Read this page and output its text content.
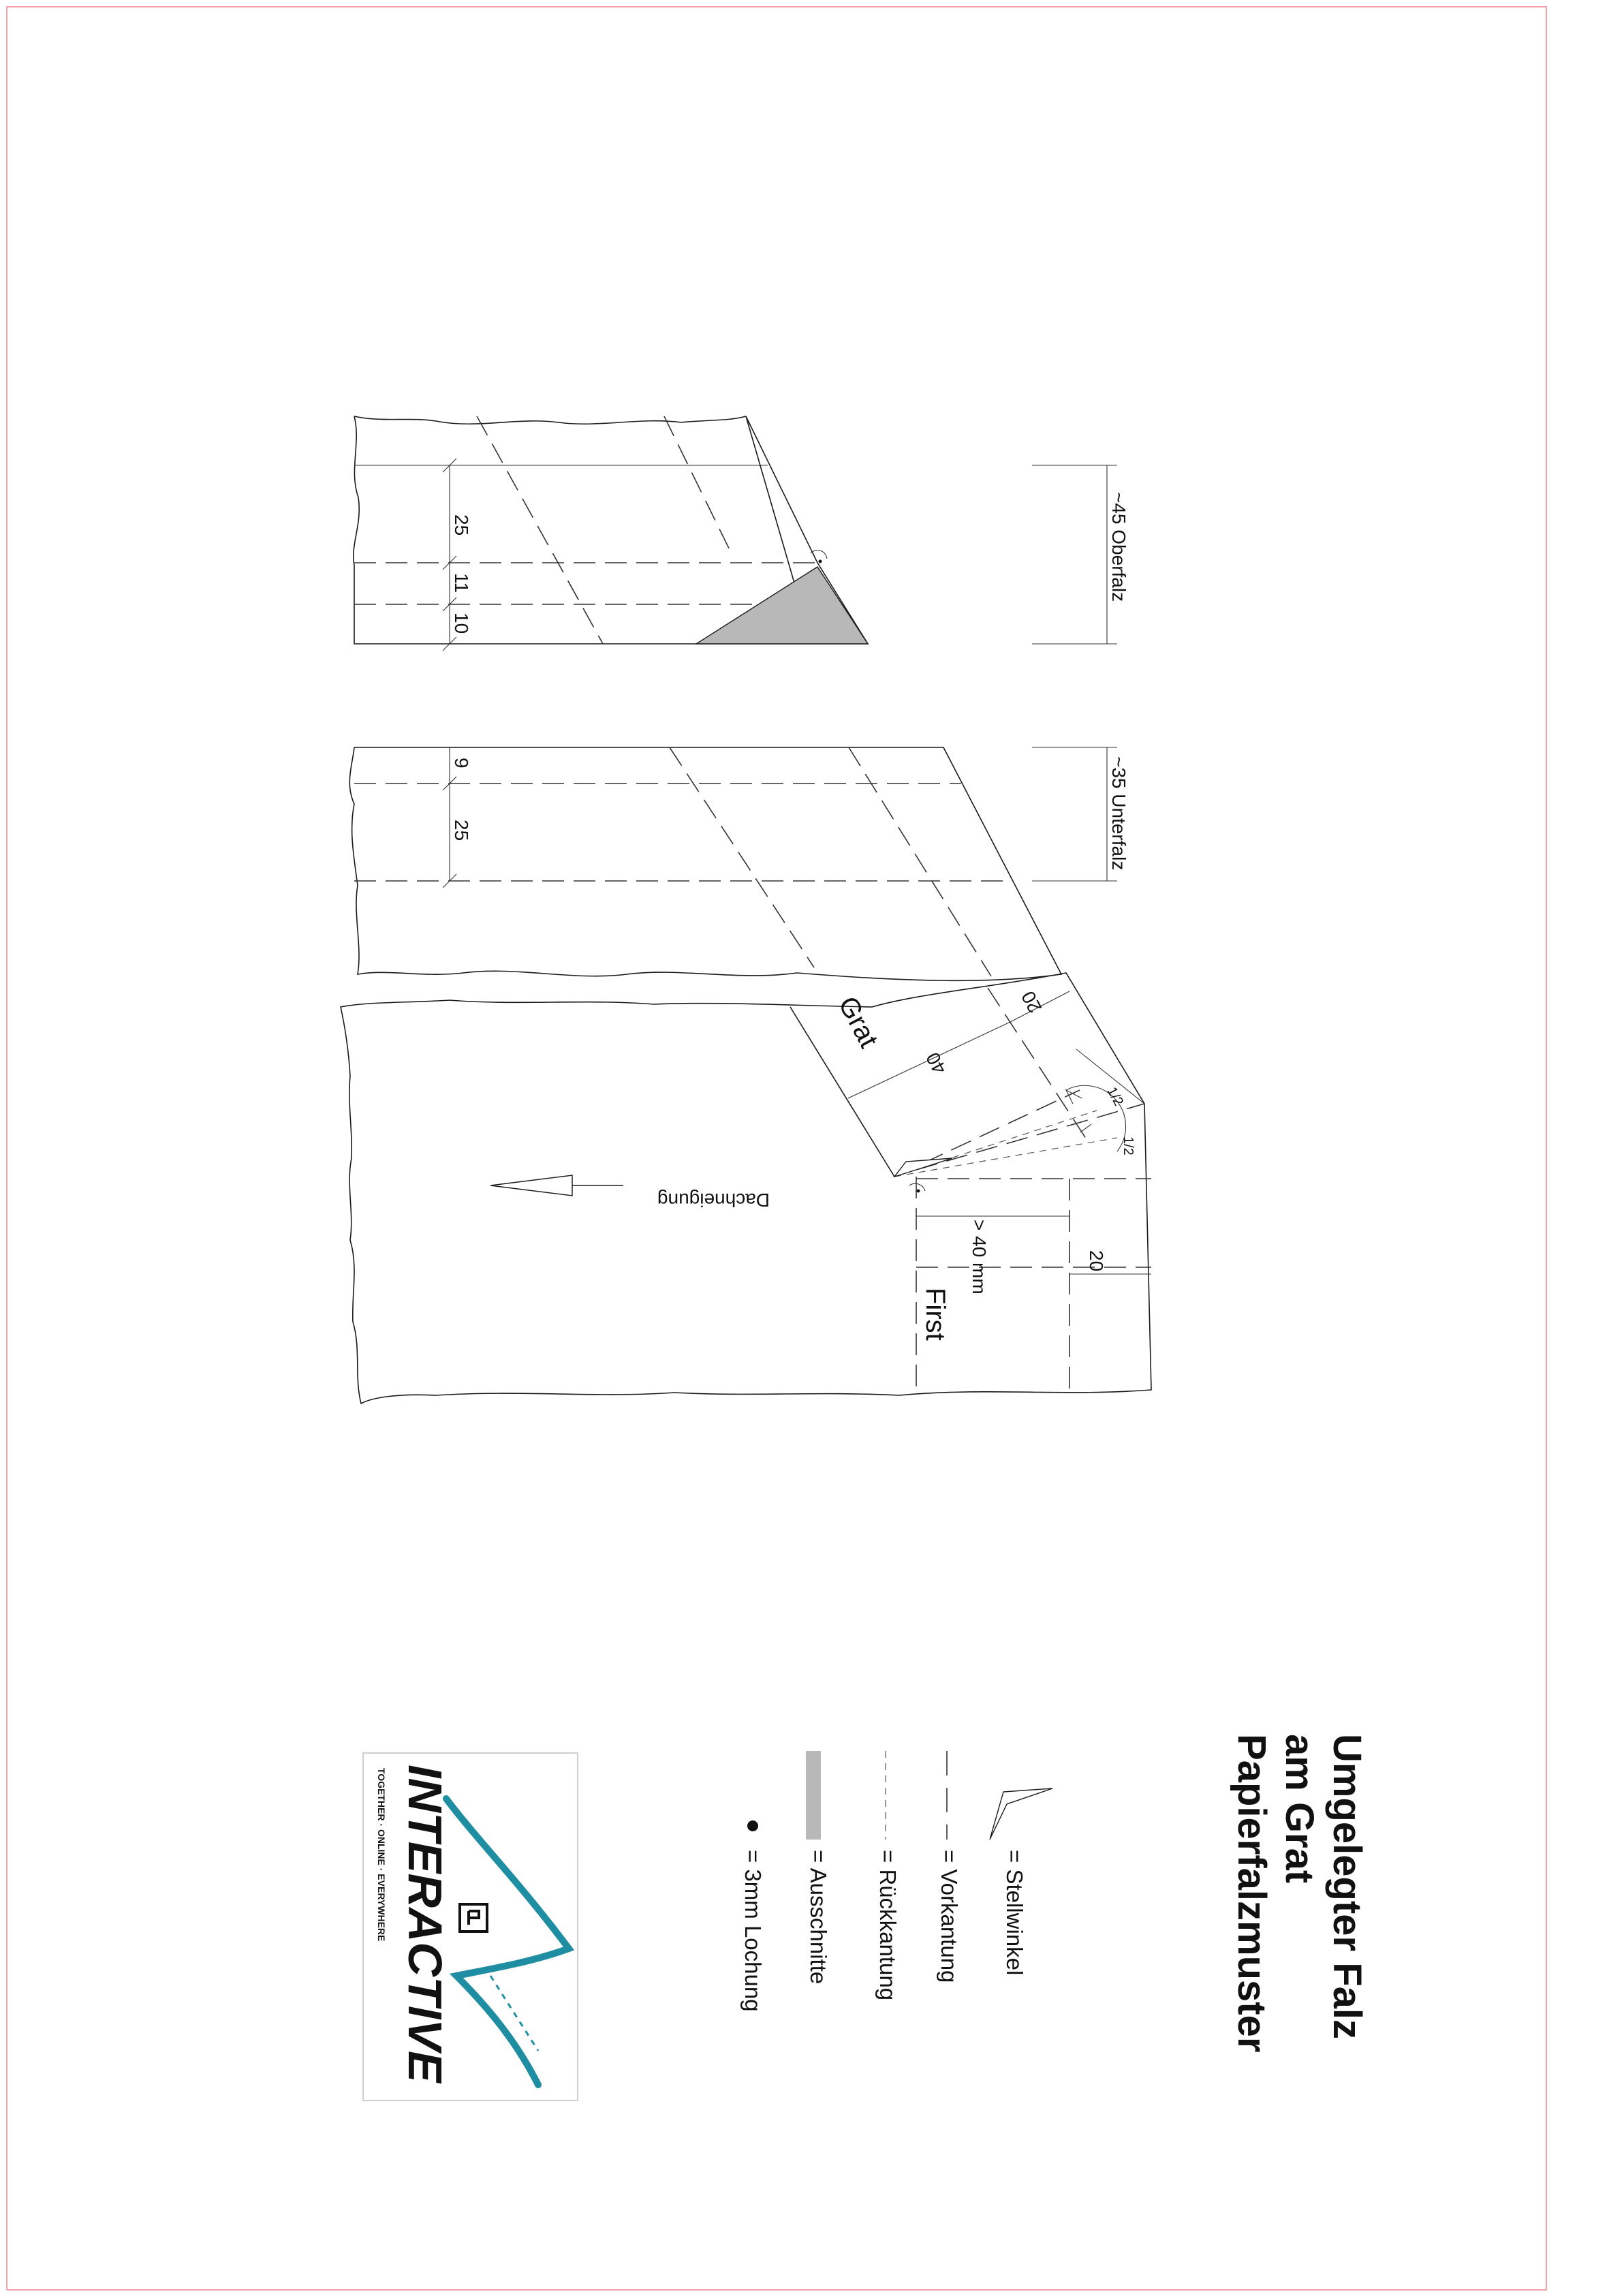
25
11
10
~45 Oberfalz
9
25	~35 Unterfalz
Grat
40
20
1/2
1/2
> 40 mm	20
First
Dachneigung
Umgelegter Falz
am Grat
Papierfalzmuster
= Stellwinkel
= Vorkantung
= Rückkantung
= Ausschnitte
= 3mm Lochung
INTERACTIVE
TOGETHER · ONLINE · EVERYWHERE
